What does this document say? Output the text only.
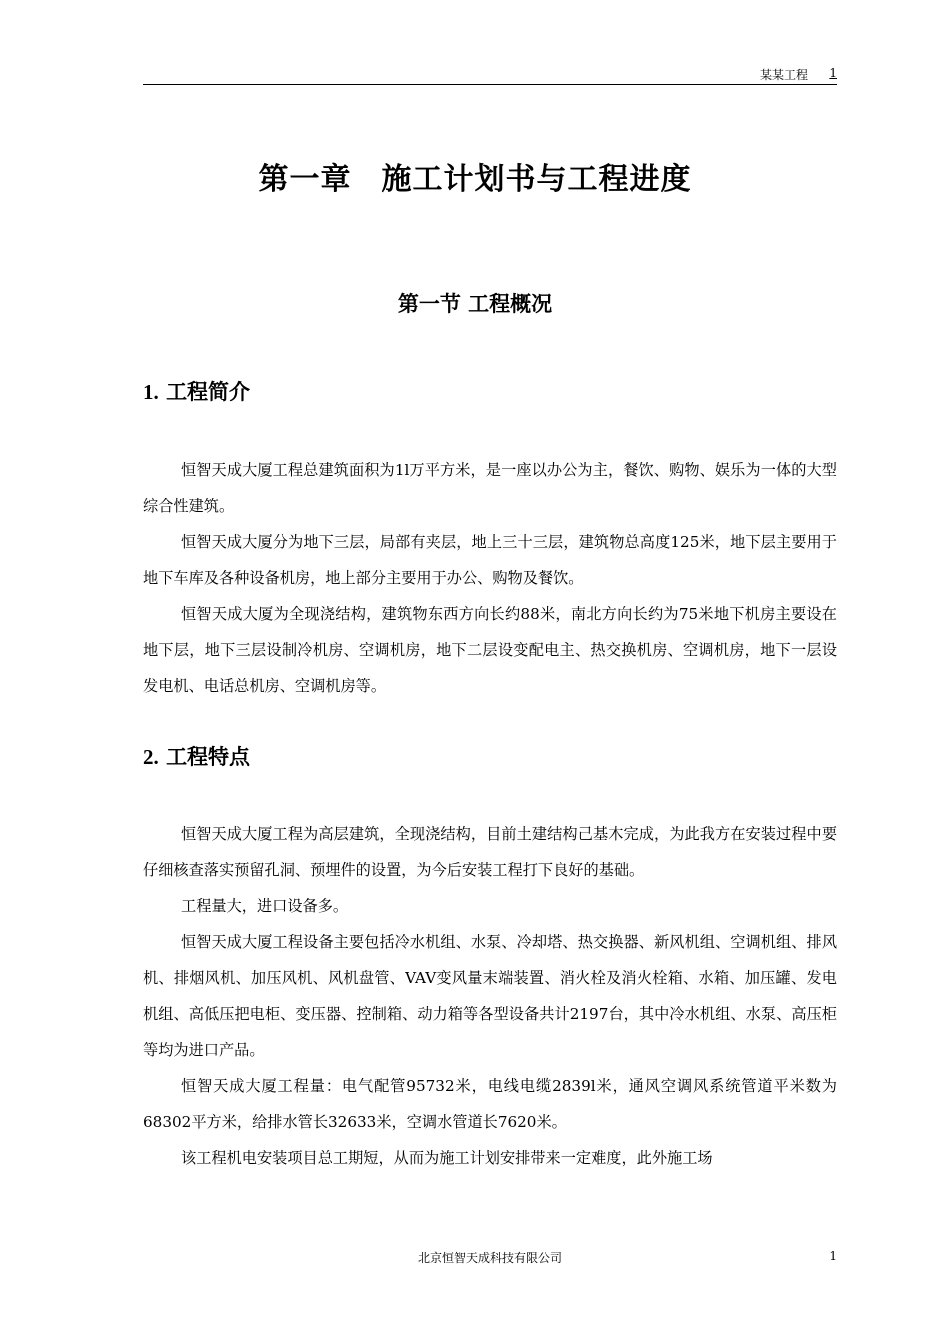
某某工程 1
第一章 施工计划书与工程进度
第一节 工程概况
1. 工程简介

恒智天成大厦工程总建筑面积为1l万平方米，是一座以办公为主，餐饮、购物、娱乐为一体的大型综合性建筑。

恒智天成大厦分为地下三层，局部有夹层，地上三十三层，建筑物总高度125米，地下层主要用于地下车库及各种设备机房，地上部分主要用于办公、购物及餐饮。

恒智天成大厦为全现浇结构，建筑物东西方向长约88米，南北方向长约为75米地下机房主要设在地下层，地下三层设制冷机房、空调机房，地下二层设变配电主、热交换机房、空调机房，地下一层设发电机、电话总机房、空调机房等。

2. 工程特点

恒智天成大厦工程为高层建筑，全现浇结构，目前土建结构己基木完成，为此我方在安装过程中要仔细核查落实预留孔洞、预埋件的设置，为今后安装工程打下良好的基础。

工程量大，进口设备多。

恒智天成大厦工程设备主要包括冷水机组、水泵、冷却塔、热交换器、新风机组、空调机组、排风机、排烟风机、加压风机、风机盘管、VAV变风量末端装置、消火栓及消火栓箱、水箱、加压罐、发电机组、高低压把电柜、变压器、控制箱、动力箱等各型设备共计2197台，其中冷水机组、水泵、高压柜等均为进口产品。

恒智天成大厦工程量：电气配管95732米，电线电缆2839l米，通风空调风系统管道平米数为68302平方米，给排水管长32633米，空调水管道长7620米。

该工程机电安装项目总工期短，从而为施工计划安排带来一定难度，此外施工场

北京恒智天成科技有限公司	1
